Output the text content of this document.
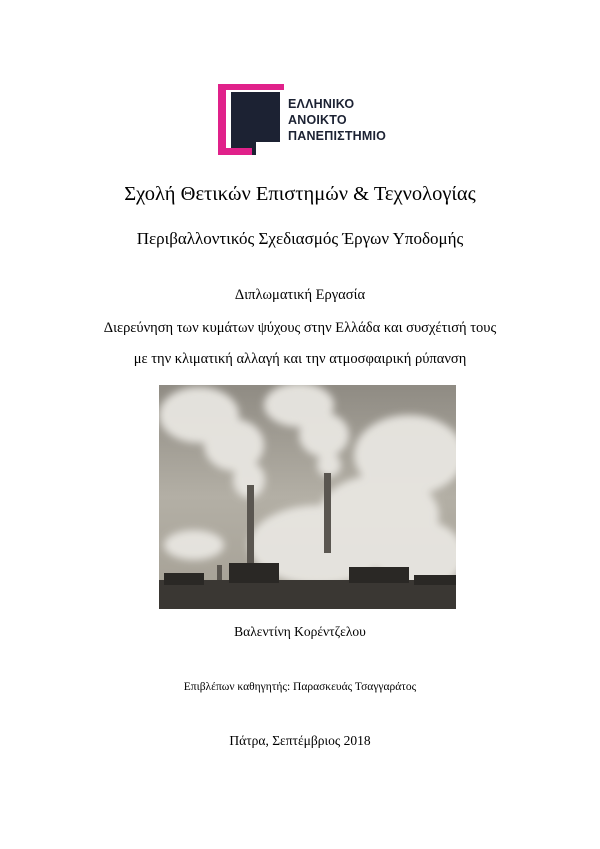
ΕΛΛΗΝΙΚΟ
ΑΝΟΙΚΤΟ
ΠΑΝΕΠΙΣΤΗΜΙΟ
Σχολή Θετικών Επιστημών & Τεχνολογίας
Περιβαλλοντικός Σχεδιασμός Έργων Υποδομής
Διπλωματική Εργασία
Διερεύνηση των κυμάτων ψύχους στην Ελλάδα και συσχέτισή τους
με την κλιματική αλλαγή και την ατμοσφαιρική ρύπανση
Βαλεντίνη Κορέντζελου
Επιβλέπων καθηγητής: Παρασκευάς Τσαγγαράτος
Πάτρα, Σεπτέμβριος 2018
